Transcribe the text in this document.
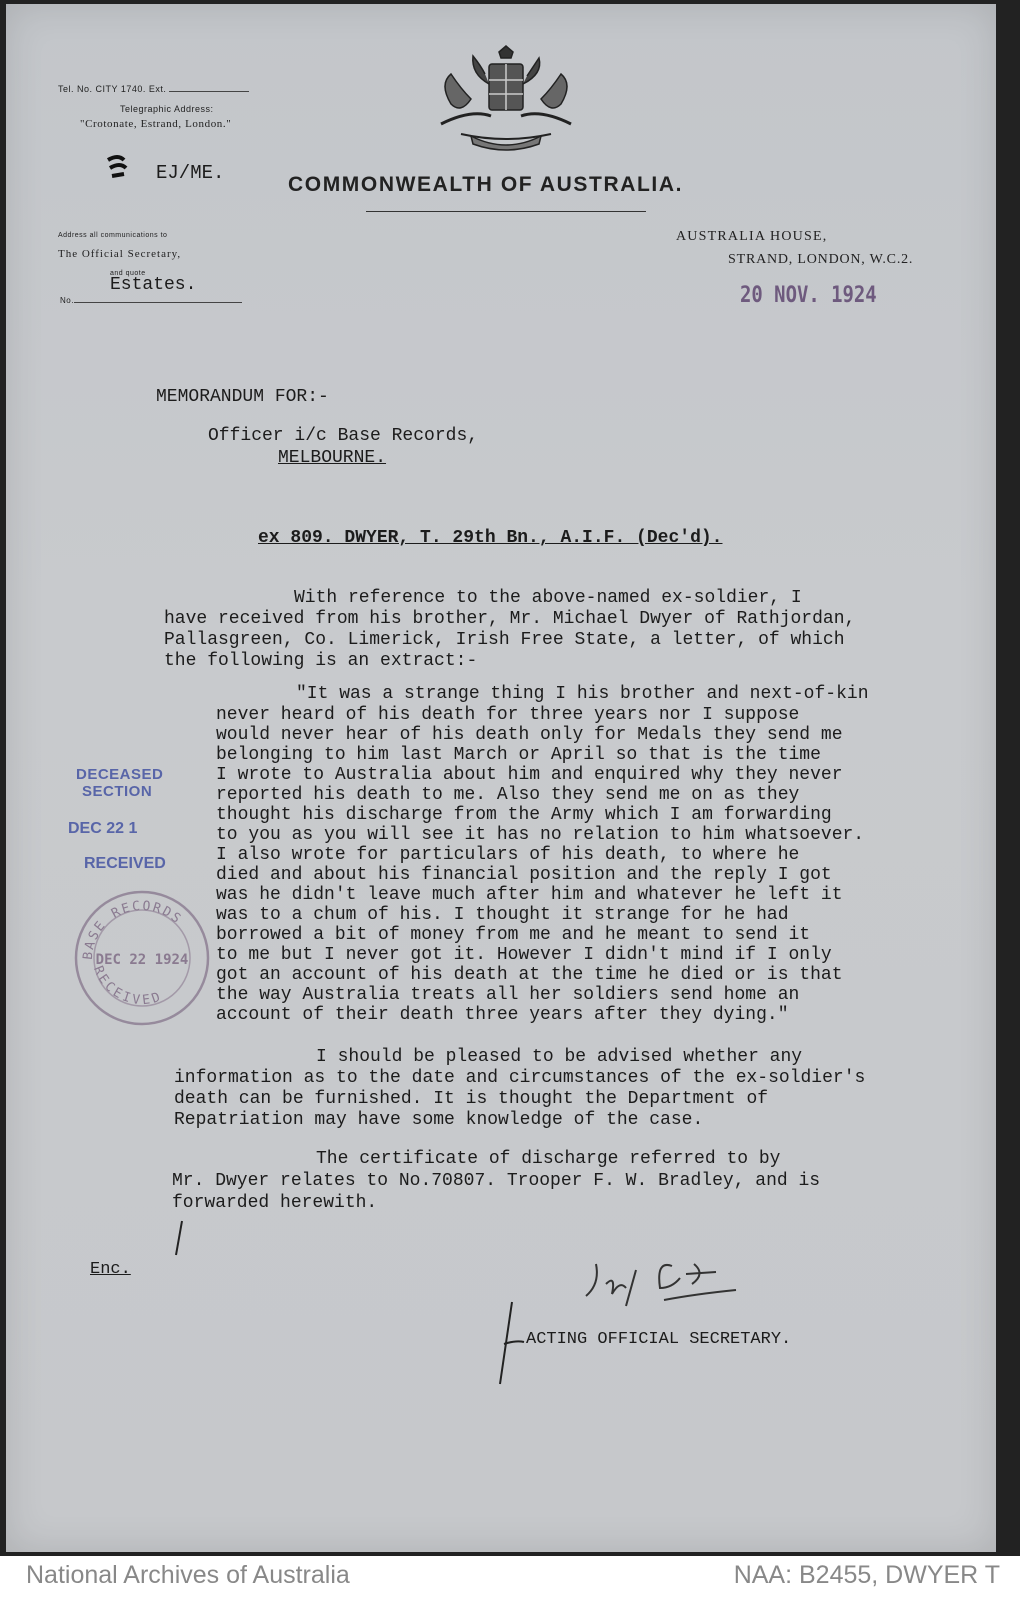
Tel. No. CITY 1740. Ext.
Telegraphic Address:
"Crotonate, Estrand, London."
EJ/ME.	COMMONWEALTH OF AUSTRALIA.
Address all communications to
The Official Secretary,
and quote
No.
Estates.
AUSTRALIA HOUSE,
STRAND, LONDON, W.C.2.
20 NOV. 1924
MEMORANDUM FOR:-
Officer i/c Base Records,
MELBOURNE.
ex 809. DWYER, T. 29th Bn., A.I.F. (Dec'd).
With reference to the above-named ex-soldier, I
have received from his brother, Mr. Michael Dwyer of Rathjordan,
Pallasgreen, Co. Limerick, Irish Free State, a letter, of which
the following is an extract:-
"It was a strange thing I his brother and next-of-kin
never heard of his death for three years nor I suppose
would never hear of his death only for Medals they send me
belonging to him last March or April so that is the time
I wrote to Australia about him and enquired why they never
reported his death to me. Also they send me on as they
thought his discharge from the Army which I am forwarding
to you as you will see it has no relation to him whatsoever.
I also wrote for particulars of his death, to where he
died and about his financial position and the reply I got
was he didn't leave much after him and whatever he left it
was to a chum of his. I thought it strange for he had
borrowed a bit of money from me and he meant to send it
to me but I never got it. However I didn't mind if I only
got an account of his death at the time he died or is that
the way Australia treats all her soldiers send home an
account of their death three years after they dying."
I should be pleased to be advised whether any
information as to the date and circumstances of the ex-soldier's
death can be furnished. It is thought the Department of
Repatriation may have some knowledge of the case.
The certificate of discharge referred to by
Mr. Dwyer relates to No.70807. Trooper F. W. Bradley, and is
forwarded herewith.
Enc.
ACTING OFFICIAL SECRETARY.
DECEASED
SECTION
DEC 22 1
RECEIVED
BASE RECORDS
RECEIVED
DEC 22 1924
National Archives of Australia	NAA: B2455, DWYER T
